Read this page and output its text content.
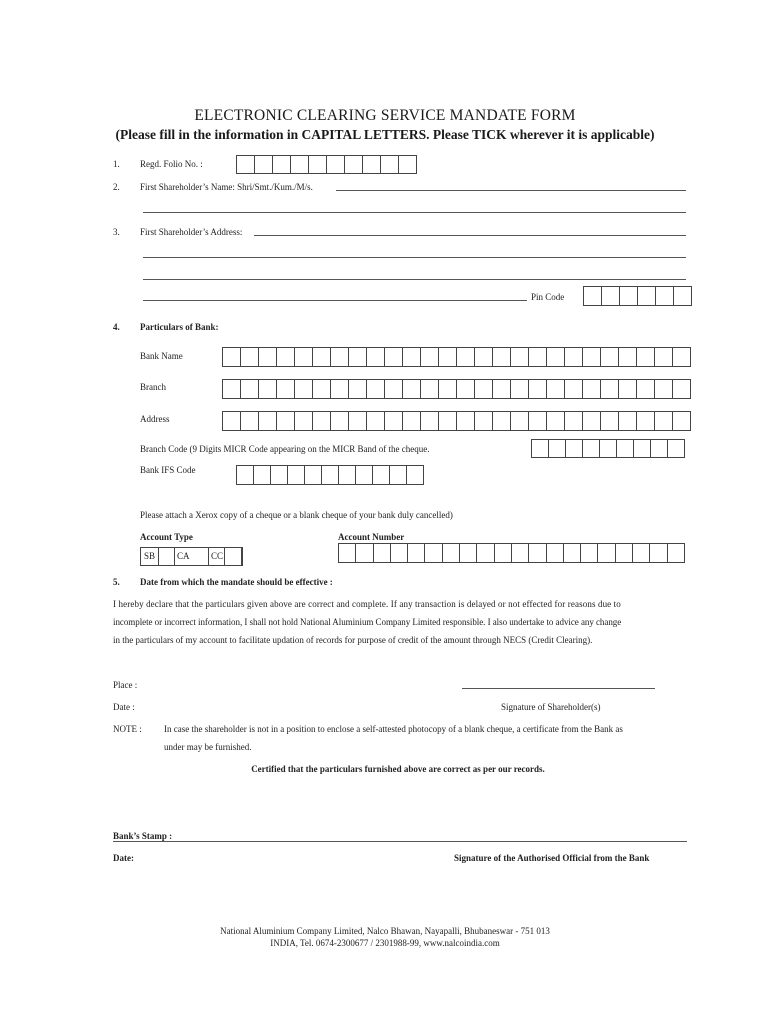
ELECTRONIC CLEARING SERVICE MANDATE FORM
(Please fill in the information in CAPITAL LETTERS. Please TICK wherever it is applicable)
1. Regd. Folio No. :
2. First Shareholder’s Name: Shri/Smt./Kum./M/s.
3. First Shareholder’s Address:
Pin Code
4. Particulars of Bank:
Bank Name
Branch
Address
Branch Code (9 Digits MICR Code appearing on the MICR Band of the cheque.
Bank IFS Code
Please attach a Xerox copy of a cheque or a blank cheque of your bank duly cancelled)
Account Type	Account Number
SB CA CC
5. Date from which the mandate should be effective :
I hereby declare that the particulars given above are correct and complete. If any transaction is delayed or not effected for reasons due to
incomplete or incorrect information, I shall not hold National Aluminium Company Limited responsible. I also undertake to advice any change
in the particulars of my account to facilitate updation of records for purpose of credit of the amount through NECS (Credit Clearing).
Place :
Date :	Signature of Shareholder(s)
NOTE : In case the shareholder is not in a position to enclose a self-attested photocopy of a blank cheque, a certificate from the Bank as
under may be furnished.
Certified that the particulars furnished above are correct as per our records.
Bank’s Stamp :
Date:	Signature of the Authorised Official from the Bank
National Aluminium Company Limited, Nalco Bhawan, Nayapalli, Bhubaneswar - 751 013
INDIA, Tel. 0674-2300677 / 2301988-99, www.nalcoindia.com
